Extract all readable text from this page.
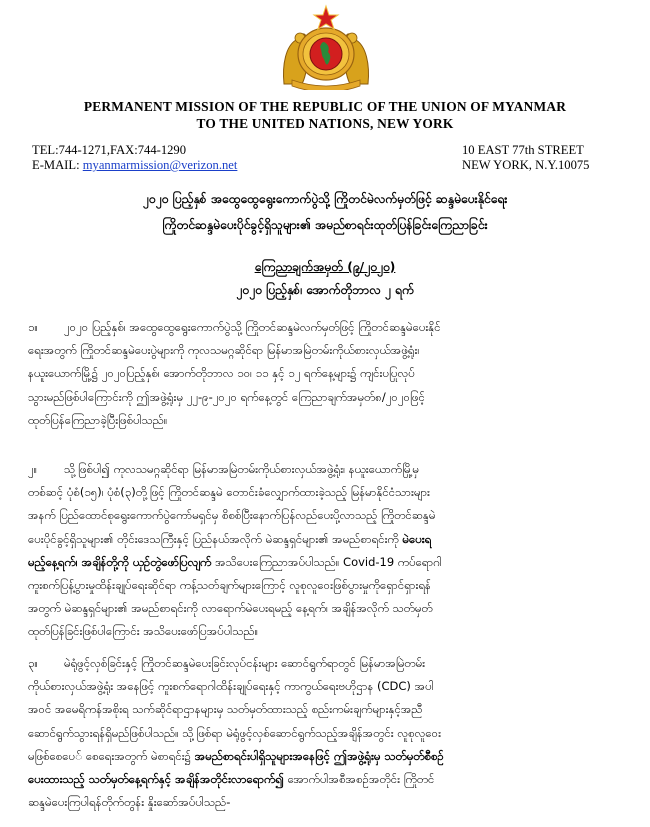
PERMANENT MISSION OF THE REPUBLIC OF THE UNION OF MYANMAR
TO THE UNITED NATIONS, NEW YORK
TEL:744-1271,FAX:744-1290
E-MAIL: myanmarmission@verizon.net
10 EAST 77th STREET
NEW YORK, N.Y.10075
၂၀၂၀ ပြည့်နှစ် အထွေထွေရွေးကောက်ပွဲသို့ ကြိုတင်မဲလက်မှတ်ဖြင့် ဆန္ဒမဲပေးနိုင်ရေး
ကြိုတင်ဆန္ဒမဲပေးပိုင်ခွင့်ရှိသူများ၏ အမည်စာရင်းထုတ်ပြန်ခြင်းကြေညာခြင်း
ကြေညာချက်အမှတ် (၉/၂၀၂၀)
၂၀၂၀ ပြည့်နှစ်၊ အောက်တိုဘာလ ၂ ရက်
၁။ ၂၀၂၀ ပြည့်နှစ်၊ အထွေထွေရွေးကောက်ပွဲသို့ ကြိုတင်ဆန္ဒမဲလက်မှတ်ဖြင့် ကြိုတင်ဆန္ဒမဲပေးနိုင်
ရေးအတွက် ကြိုတင်ဆန္ဒမဲပေးပွဲများကို ကုလသမဂ္ဂဆိုင်ရာ မြန်မာအမြဲတမ်းကိုယ်စားလှယ်အဖွဲ့ရုံး၊
နယူးယောက်မြို့၌ ၂၀၂၀ပြည့်နှစ်၊ အောက်တိုဘာလ ၁၀၊ ၁၁ နှင့် ၁၂ ရက်နေ့များ၌ ကျင်းပပြုလုပ်
သွားမည်ဖြစ်ပါကြောင်းကို ဤအဖွဲ့ရုံးမှ ၂၂-၉-၂၀၂၀ ရက်နေ့တွင် ကြေညာချက်အမှတ်၈/၂၀၂၀ဖြင့်
ထုတ်ပြန်ကြေညာခဲ့ပြီးဖြစ်ပါသည်။
၂။ သို့ဖြစ်ပါ၍ ကုလသမဂ္ဂဆိုင်ရာ မြန်မာအမြဲတမ်းကိုယ်စားလှယ်အဖွဲ့ရုံး၊ နယူးယောက်မြို့မှ
တစ်ဆင့် ပုံစံ(၁၅)၊ ပုံစံ(၃)တို့ဖြင့် ကြိုတင်ဆန္ဒမဲ တောင်းခံလျှောက်ထားခဲ့သည့် မြန်မာနိုင်ငံသားများ
အနက် ပြည်ထောင်စုရွေးကောက်ပွဲကော်မရှင်မှ စိစစ်ပြီးနောက်ပြန်လည်ပေးပို့လာသည့် ကြိုတင်ဆန္ဒမဲ
ပေးပိုင်ခွင့်ရှိသူများ၏ တိုင်းဒေသကြီးနှင့် ပြည်နယ်အလိုက် မဲဆန္ဒရှင်များ၏ အမည်စာရင်းကို မဲပေးရ
မည့်နေ့ရက်၊ အချိန်တို့ကို ယှဉ်တွဲဖော်ပြလျက် အသိပေးကြေညာအပ်ပါသည်။ Covid-19 ကပ်ရောဂါ
ကူးစက်ပြန့်ပွားမှုထိန်းချုပ်ရေးဆိုင်ရာ ကန့်သတ်ချက်များကြောင့် လူစုလူဝေးဖြစ်ပွားမှုကိုရှောင်ရှားရန်
အတွက် မဲဆန္ဒရှင်များ၏ အမည်စာရင်းကို လာရောက်မဲပေးရမည့် နေ့ရက်၊ အချိန်အလိုက် သတ်မှတ်
ထုတ်ပြန်ခြင်းဖြစ်ပါကြောင်း အသိပေးဖော်ပြအပ်ပါသည်။
၃။ မဲရုံဖွင့်လှစ်ခြင်းနှင့် ကြိုတင်ဆန္ဒမဲပေးခြင်းလုပ်ငန်းများ ဆောင်ရွက်ရာတွင် မြန်မာအမြဲတမ်း
ကိုယ်စားလှယ်အဖွဲ့ရုံး အနေဖြင့် ကူးစက်ရောဂါထိန်းချုပ်ရေးနှင့် ကာကွယ်ရေးဗဟိုဌာန (CDC) အပါ
အဝင် အမေရိကန်အစိုးရ သက်ဆိုင်ရာဌာနများမှ သတ်မှတ်ထားသည့် စည်းကမ်းချက်များနှင့်အညီ
ဆောင်ရွက်သွားရန်ရှိမည်ဖြစ်ပါသည်။ သို့ဖြစ်ရာ မဲရုံဖွင့်လှစ်ဆောင်ရွက်သည့်အချိန်အတွင်း လူစုလူဝေး
မဖြစ်စေပေ် စေရေးအတွက် မဲစာရင်း၌ အမည်စာရင်းပါရှိသူများအနေဖြင့် ဤအဖွဲ့ရုံးမှ သတ်မှတ်စီစဉ်
ပေးထားသည့် သတ်မှတ်နေ့ရက်နှင့် အချိန်အတိုင်းလာရောက်၍ အောက်ပါအစီအစဉ်အတိုင်း ကြိုတင်
ဆန္ဒမဲပေးကြပါရန်တိုက်တွန်း နှိုးဆော်အပ်ပါသည်-
